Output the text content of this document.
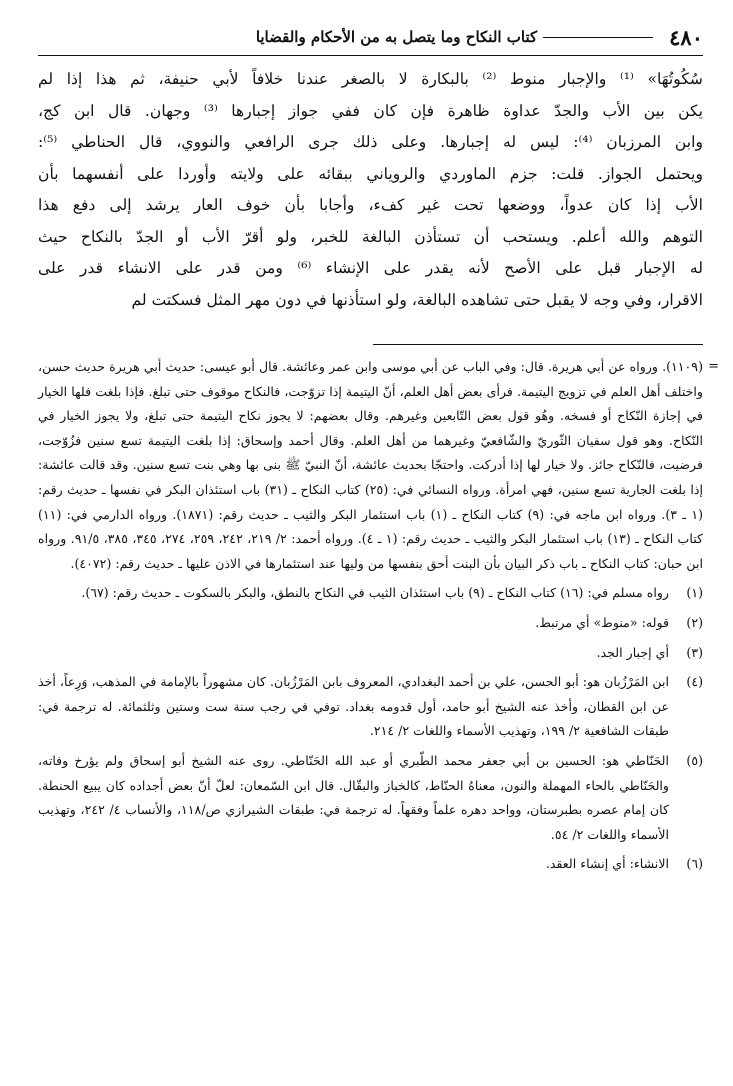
٤٨٠
كتاب النكاح وما يتصل به من الأحكام والقضايا

سُكُوتُهَا» ⁽¹⁾ والإجبار منوط ⁽²⁾ بالبكارة لا بالصغر عندنا خلافاً لأبي حنيفة، ثم هذا إذا لم

يكن بين الأب والجدّ عداوة ظاهرة فإن كان ففي جواز إجبارها ⁽³⁾ وجهان. قال ابن كج،

وابن المرزبان ⁽⁴⁾: ليس له إجبارها. وعلى ذلك جرى الرافعي والنووي، قال الحناطي ⁽⁵⁾:

ويحتمل الجواز. قلت: جزم الماوردي والروياني ببقائه على ولايته وأوردا على أنفسهما بأن

الأب إذا كان عدواً، ووضعها تحت غير كفء، وأجابا بأن خوف العار يرشد إلى دفع هذا

التوهم والله أعلم. ويستحب أن تستأذن البالغة للخبر، ولو أقرّ الأب أو الجدّ بالنكاح حيث

له الإجبار قبل على الأصح لأنه يقدر على الإنشاء ⁽⁶⁾ ومن قدر على الانشاء قدر على

الاقرار، وفي وجه لا يقبل حتى تشاهده البالغة، ولو استأذنها في دون مهر المثل فسكتت لم

=

(١١٠٩). ورواه عن أبي هريرة. قال: وفي الباب عن أبي موسى وابن عمر وعائشة. قال أبو عيسى: حديث أبي هريرة حديث حسن، واختلف أهل العلم في تزويج اليتيمة. فرأى بعض أهل العلم، أنّ اليتيمة إذا تزوّجت، فالنكاح موقوف حتى تبلغ. فإذا بلغت فلها الخيار في إجازة النّكاح أو فسخه. وهُو قول بعض التّابعين وغيرهم. وقال بعضهم: لا يجوز نكاح اليتيمة حتى تبلغ، ولا يجوز الخيار في النّكاح. وهو قول سفيان الثّوريّ والشّافعيّ وغيرهما من أهل العلم. وقال أحمد وإسحاق: إذا بلغت اليتيمة تسع سنين فزُوّجت، فرضيت، فالنّكاح جائز. ولا خيار لها إذا أدركت. واحتجّا بحديث عائشة، أنّ النبيّ ﷺ بنى بها وهي بنت تسع سنين. وقد قالت عائشة: إذا بلغت الجارية تسع سنين، فهي امرأة. ورواه النسائي في: (٢٥) كتاب النكاح ـ (٣١) باب استئذان البكر في نفسها ـ حديث رقم: (١ ـ ٣). ورواه ابن ماجه في: (٩) كتاب النكاح ـ (١) باب استئمار البكر والثيب ـ حديث رقم: (١٨٧١). ورواه الدارمي في: (١١) كتاب النكاح ـ (١٣) باب استئمار البكر والثيب ـ حديث رقم: (١ ـ ٤). ورواه أحمد: ٢/ ٢١٩، ٢٤٢، ٢٥٩، ٢٧٤، ٣٤٥، ٣٨٥، ٩١/٥. ورواه ابن حبان: كتاب النكاح ـ باب ذكر البيان بأن البنت أحق بنفسها من وليها عند استئمارها في الاذن عليها ـ حديث رقم: (٤٠٧٢).

(١)

رواه مسلم في: (١٦) كتاب النكاح ـ (٩) باب استئذان الثيب في النكاح بالنطق، والبكر بالسكوت ـ حديث رقم: (٦٧).

(٢)

قوله: «منوط» أي مرتبط.

(٣)

أي إجبار الجد.

(٤)

ابن المَرْزُبان هو: أبو الحسن، علي بن أحمد البغدادي، المعروف بابن المَرْزُبان. كان مشهوراً بالإمامة في المذهب، وَرِعاً، أخذ عن ابن القطان، وأخذ عنه الشيخ أبو حامد، أول قدومه بغداد. توفي في رجب سنة ست وستين وثلثمائة. له ترجمة في: طبقات الشافعية ٢/ ١٩٩، وتهذيب الأسماء واللغات ٢/ ٢١٤.

(٥)

الحَنّاطي هو: الحسين بن أبي جعفر محمد الطّبري أو عبد الله الحَنّاطي. روى عنه الشيخ أبو إسحاق ولم يؤرخ وفاته، والحَنّاطي بالحاء المهملة والنون، معناهُ الحنّاط، كالخباز والبقّال. قال ابن السّمعان: لعلّ أنّ بعض أجداده كان يبيع الحنطة. كان إمام عصره بطبرستان، وواحد دهره علماً وفقهاً. له ترجمة في: طبقات الشيرازي ص/١١٨، والأنساب ٤/ ٢٤٢، وتهذيب الأسماء واللغات ٢/ ٥٤.

(٦)

الانشاء: أي إنشاء العقد.
